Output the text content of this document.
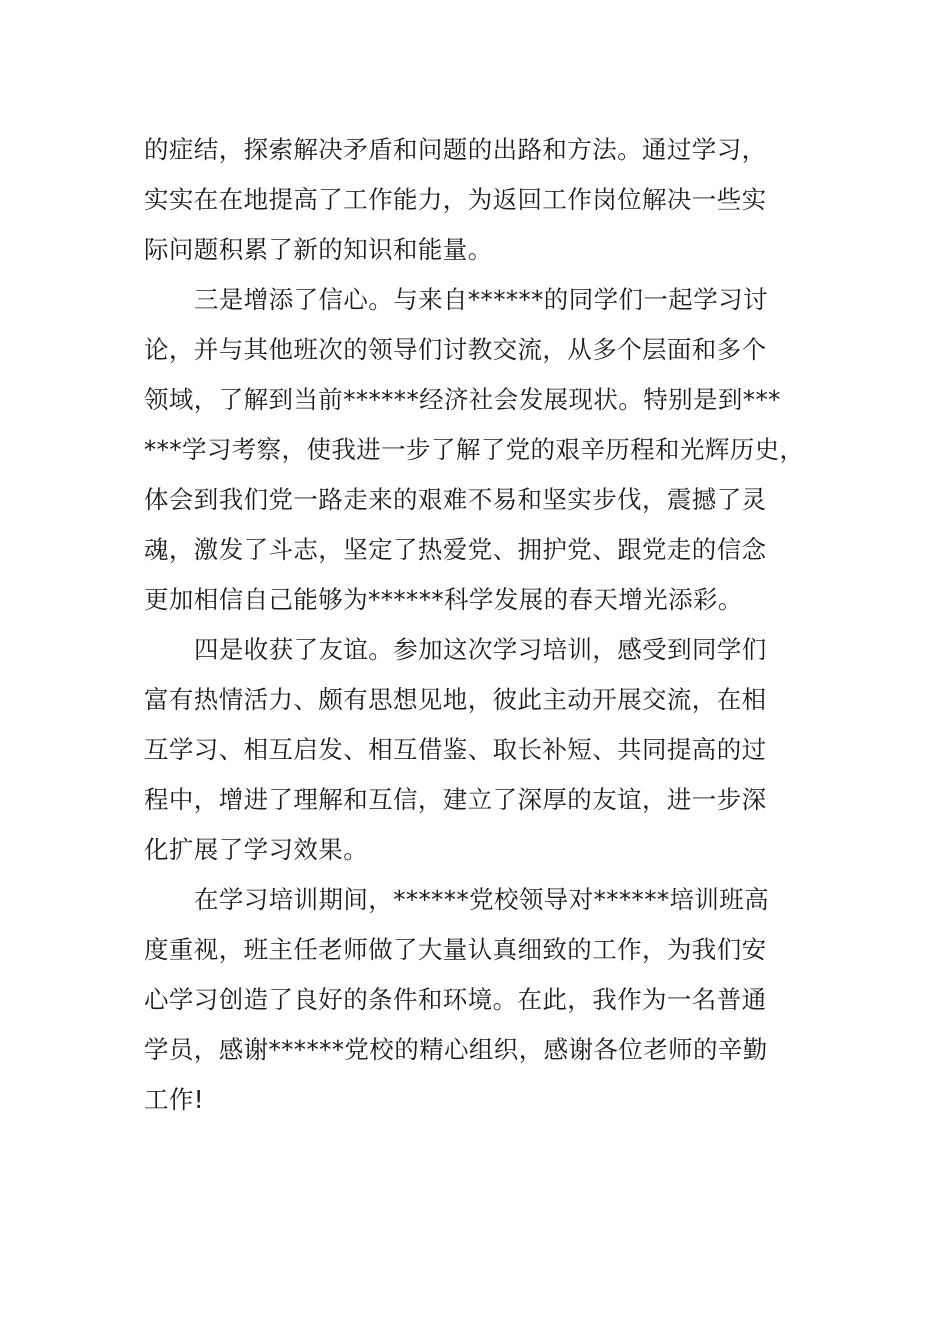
的症结，探索解决矛盾和问题的出路和方法。通过学习，
实实在在地提高了工作能力，为返回工作岗位解决一些实
际问题积累了新的知识和能量。
三是增添了信心。与来自******的同学们一起学习讨
论，并与其他班次的领导们讨教交流，从多个层面和多个
领域，了解到当前******经济社会发展现状。特别是到***
***学习考察，使我进一步了解了党的艰辛历程和光辉历史，
体会到我们党一路走来的艰难不易和坚实步伐，震撼了灵
魂，激发了斗志，坚定了热爱党、拥护党、跟党走的信念
更加相信自己能够为******科学发展的春天增光添彩。
四是收获了友谊。参加这次学习培训，感受到同学们
富有热情活力、颇有思想见地，彼此主动开展交流，在相
互学习、相互启发、相互借鉴、取长补短、共同提高的过
程中，增进了理解和互信，建立了深厚的友谊，进一步深
化扩展了学习效果。
在学习培训期间，******党校领导对******培训班高
度重视，班主任老师做了大量认真细致的工作，为我们安
心学习创造了良好的条件和环境。在此，我作为一名普通
学员，感谢******党校的精心组织，感谢各位老师的辛勤
工作!
